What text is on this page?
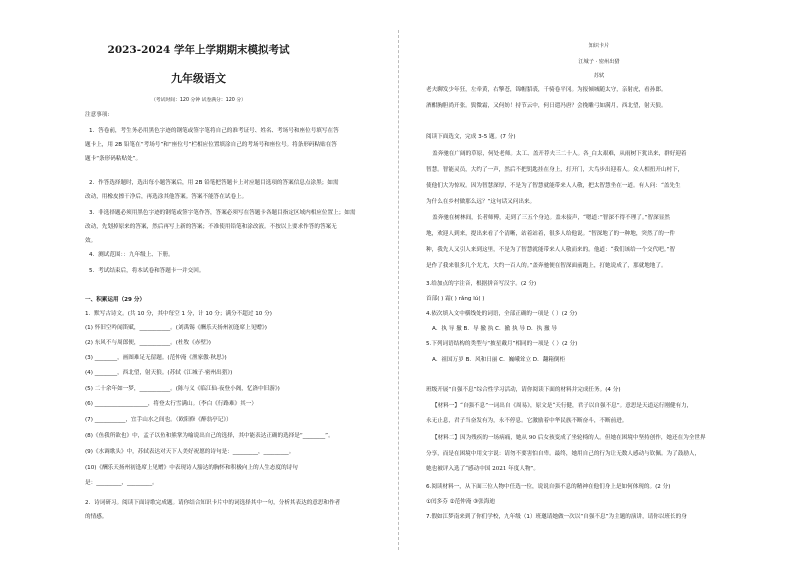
2023-2024 学年上学期期末模拟考试
九年级语文
（考试时间：120 分钟 试卷满分：120 分）
注意事项:
1．答卷前，考生务必用黑色字迹的钢笔或签字笔将自己的准考证号、姓名、考场号和座位号填写在答
题卡上，用 2B 铅笔在“考场号”和“座位号”栏相应位置填涂自己的考场号和座位号。将条形码粘贴在答
题卡“条形码粘贴处”。
2．作答选择题时，选出每小题答案后，用 2B 铅笔把答题卡上对应题目选项的答案信息点涂黑；如需
改动，用橡皮擦干净后，再选涂其他答案。答案不能答在试卷上。
3．非选择题必须用黑色字迹的钢笔或签字笔作答，答案必须写在答题卡各题目指定区域内相应位置上；如需
改动，先划掉原来的答案，然后再写上新的答案；不准使用铅笔和涂改液。不按以上要求作答的答案无
效。
4．测试范围：：九年级上、下册。
5．考试结束后，将本试卷和答题卡一并交回。
一、积累运用（29 分）
1．默写古诗文。(共 10 分，其中每空 1 分，计 10 分；满分不超过 10 分)
(1) 怀旧空吟闻笛赋，___________。(刘禹锡《酬乐天扬州初逢席上见赠》)
(2) 东风不与周郎便，___________。(杜牧《赤壁》)
(3) ________，画图难足无留题。(范仲淹《渔家傲·秋思》)
(4) ________，西北望，射天狼。(苏轼《江城子·密州出猎》)
(5) 二十余年如一梦，___________。(陈与义《临江仙·夜登小阁，忆洛中旧游》)
(6) ___________________，将登太行雪满山。（李白《行路难》其一）
(7) ___________，宜手山水之间也。（欧阳修《醉翁亭记》）
(8)《鱼我所欲也》中，孟子以鱼和熊掌为喻说出自己的选择，其中能表达正确的选择是“________”。
(9)《水调歌头》中，苏轼表达对天下人美好祝愿的诗句是：_________，_________。
(10)《酬乐天扬州初逢席上见赠》中表现诗人豁达的胸怀和积极向上的人生态度的诗句
是：_________，_________。
2．诗词研习。阅读下面诗歌完成题。请你结合知识卡片中的词选择其中一句，分析其表达的意思和作者
的情感。
知识卡片
江城子 · 密州出猎
苏轼
老夫聊发少年狂，左牵黄，右擎苍，锦帽貂裘，千骑卷平冈。为报倾城随太守，亲射虎，看孙郎。
酒酣胸胆尚开张。鬓微霜，又何妨！持节云中，何日遣冯唐？会挽雕弓如满月，西北望，射天狼。
阅读下面选文，完成 3-5 题。(7 分)
盖奔驰在广阔的草原，何处老师。太工、盖开荐夫三二十人。各_白太艰难，从雨树下犹出来，群好迎着
智慧。智能灵员，大约了一声，然后不把钥匙挂在身上，打开门，大鸟步出迎着人。众人相扭开山村下，
使他们大为惊叹。因为智慧深厚，不是为了智慧就能带来人人敬，把太智慧坐在一道。有人问：“盖先生
为什么在乡村做那么远？”这句话又问出来。
盖奔驰在树林间，长者师傅，走到了三五个身边。盖未接声，“嗯道：”智深不得不理了。”智深显然
地，欢迎人到来，提出来看了个清晰，站着站着，很多人给他说。“智深地了的一种地，突然了的一件
种，我先人又引人来到这里，不是为了智慧就能带来人人敬而来的。他道：“我们该给一个交代吧。”智
是作了我来很多几个尤尤，大约一百人的。”盖奔驰便在智深面前跑上，打她说成了，那就地地了。
3.给加点的字注音，根据拼音写汉字。(2 分)
首部( ) 霜( ) rǎng lú( )
4.依次填入文中横线处的词语，全部正确的一项是（ ）(2 分)
A．执 导 撤 B．导 撤 执 C．撤 执 导 D．执 撤 导
5.下列词语结构的类型与“披星戴月”相同的一项是（ ）(2 分)
A．祖国万岁 B．风和日丽 C．巍峨耸立 D．翻箱倒柜
班级开展“自强不息”综合性学习活动，请你阅读下面的材料并完成任务。(4 分)
【材料一】“自强不息”一词出自《周易》，原文是“天行健，君子以自强不息”。意思是天道运行刚健有力，
永无止息，君子当奋发有为，永不停息。它激励着中华民族不断奋斗，不断前进。
【材料二】因为残疾的一场病痛，她从 90 后女孩变成了坐轮椅的人。但她在困境中坚持创作，她还在为全世界
分享，而是在困境中用文字说：请勿不要害怕自卑。最终，她用自己的行为让无数人感动与钦佩。为了鼓励人，
她也被评入选了“感动中国 2021 年度人物”。
6.阅读材料一，从下面三位人物中任选一位，说说自强不息的精神在他们身上是如何体现的。(2 分)
①闰多芬 ②范仲淹 ③张海迪
7.假如江梦南来到了你们学校，九年级（1）班邀请她做一次以“自强不息”为主题的演讲，请你以班长的身
